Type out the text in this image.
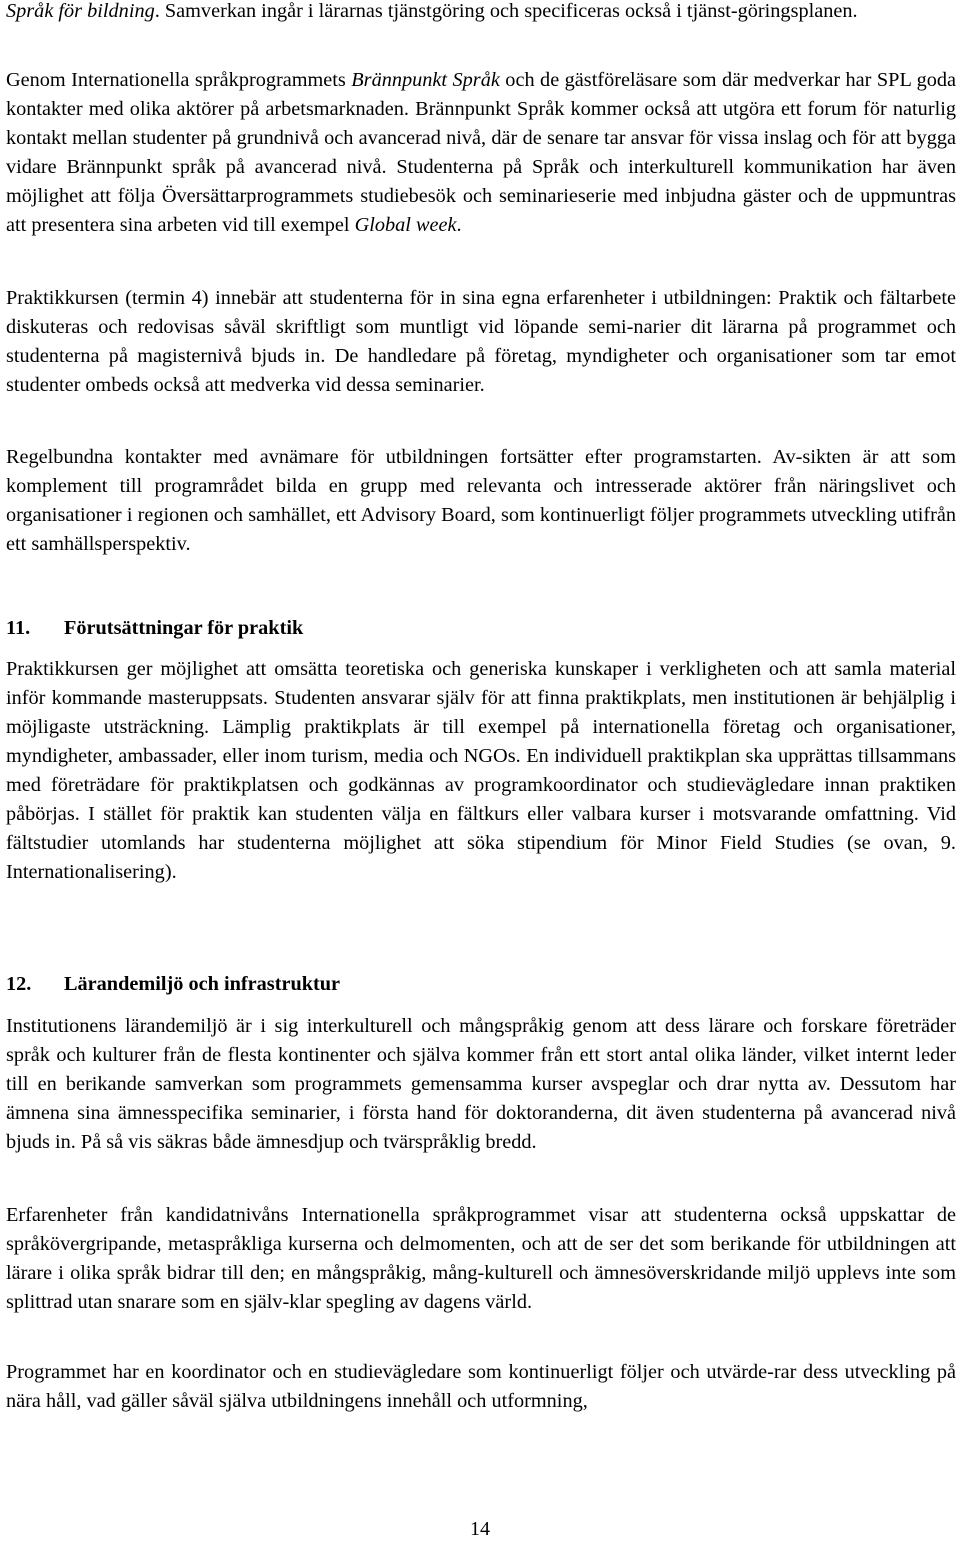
Språk för bildning. Samverkan ingår i lärarnas tjänstgöring och specificeras också i tjänst-göringsplanen.

Genom Internationella språkprogrammets Brännpunkt Språk och de gästföreläsare som där medverkar har SPL goda kontakter med olika aktörer på arbetsmarknaden. Brännpunkt Språk kommer också att utgöra ett forum för naturlig kontakt mellan studenter på grundnivå och avancerad nivå, där de senare tar ansvar för vissa inslag och för att bygga vidare Brännpunkt språk på avancerad nivå. Studenterna på Språk och interkulturell kommunikation har även möjlighet att följa Översättarprogrammets studiebesök och seminarieserie med inbjudna gäster och de uppmuntras att presentera sina arbeten vid till exempel Global week.

Praktikkursen (termin 4) innebär att studenterna för in sina egna erfarenheter i utbildningen: Praktik och fältarbete diskuteras och redovisas såväl skriftligt som muntligt vid löpande semi-narier dit lärarna på programmet och studenterna på magisternivå bjuds in. De handledare på företag, myndigheter och organisationer som tar emot studenter ombeds också att medverka vid dessa seminarier.

Regelbundna kontakter med avnämare för utbildningen fortsätter efter programstarten. Av-sikten är att som komplement till programrådet bilda en grupp med relevanta och intresserade aktörer från näringslivet och organisationer i regionen och samhället, ett Advisory Board, som kontinuerligt följer programmets utveckling utifrån ett samhällsperspektiv.

11. Förutsättningar för praktik

Praktikkursen ger möjlighet att omsätta teoretiska och generiska kunskaper i verkligheten och att samla material inför kommande masteruppsats. Studenten ansvarar själv för att finna praktikplats, men institutionen är behjälplig i möjligaste utsträckning. Lämplig praktikplats är till exempel på internationella företag och organisationer, myndigheter, ambassader, eller inom turism, media och NGOs. En individuell praktikplan ska upprättas tillsammans med företrädare för praktikplatsen och godkännas av programkoordinator och studievägledare innan praktiken påbörjas. I stället för praktik kan studenten välja en fältkurs eller valbara kurser i motsvarande omfattning. Vid fältstudier utomlands har studenterna möjlighet att söka stipendium för Minor Field Studies (se ovan, 9. Internationalisering).

12. Lärandemiljö och infrastruktur

Institutionens lärandemiljö är i sig interkulturell och mångspråkig genom att dess lärare och forskare företräder språk och kulturer från de flesta kontinenter och själva kommer från ett stort antal olika länder, vilket internt leder till en berikande samverkan som programmets gemensamma kurser avspeglar och drar nytta av. Dessutom har ämnena sina ämnesspecifika seminarier, i första hand för doktoranderna, dit även studenterna på avancerad nivå bjuds in. På så vis säkras både ämnesdjup och tvärspråklig bredd.

Erfarenheter från kandidatnivåns Internationella språkprogrammet visar att studenterna också uppskattar de språkövergripande, metaspråkliga kurserna och delmomenten, och att de ser det som berikande för utbildningen att lärare i olika språk bidrar till den; en mångspråkig, mång-kulturell och ämnesöverskridande miljö upplevs inte som splittrad utan snarare som en själv-klar spegling av dagens värld.

Programmet har en koordinator och en studievägledare som kontinuerligt följer och utvärde-rar dess utveckling på nära håll, vad gäller såväl själva utbildningens innehåll och utformning,

14
